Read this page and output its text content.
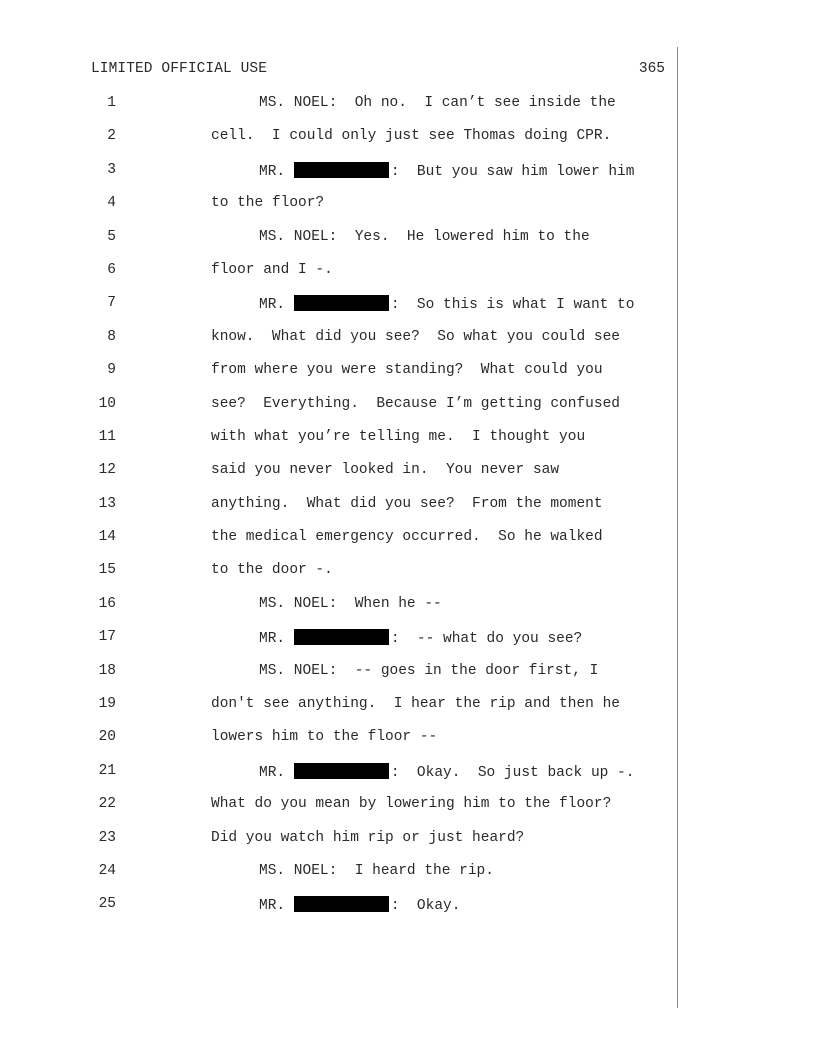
LIMITED OFFICIAL USE	365
1	MS. NOEL:  Oh no.  I can’t see inside the
2	cell.  I could only just see Thomas doing CPR.
3	MR.	:  But you saw him lower him
4	to the floor?
5	MS. NOEL:  Yes.  He lowered him to the
6	floor and I -.
7	MR.	:  So this is what I want to
8	know.  What did you see?  So what you could see
9	from where you were standing?  What could you
10	see?  Everything.  Because I’m getting confused
11	with what you’re telling me.  I thought you
12	said you never looked in.  You never saw
13	anything.  What did you see?  From the moment
14	the medical emergency occurred.  So he walked
15	to the door -.
16	MS. NOEL:  When he --
17	MR.	:  -- what do you see?
18	MS. NOEL:  -- goes in the door first, I
19	don't see anything.  I hear the rip and then he
20	lowers him to the floor --
21	MR.	:  Okay.  So just back up -.
22	What do you mean by lowering him to the floor?
23	Did you watch him rip or just heard?
24	MS. NOEL:  I heard the rip.
25	MR.	:  Okay.
